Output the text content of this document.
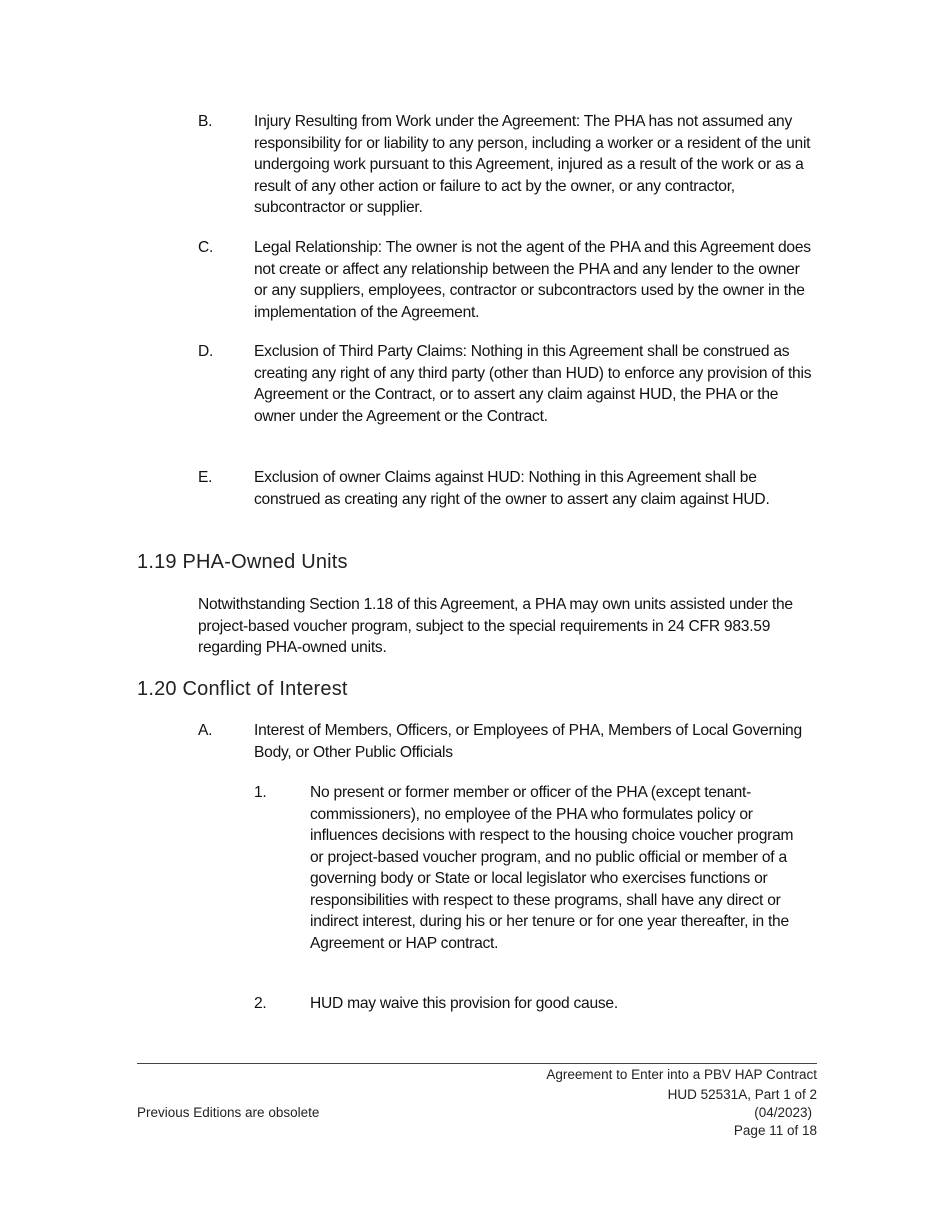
B.	Injury Resulting from Work under the Agreement: The PHA has not assumed any responsibility for or liability to any person, including a worker or a resident of the unit undergoing work pursuant to this Agreement, injured as a result of the work or as a result of any other action or failure to act by the owner, or any contractor, subcontractor or supplier.
C.	Legal Relationship: The owner is not the agent of the PHA and this Agreement does not create or affect any relationship between the PHA and any lender to the owner or any suppliers, employees, contractor or subcontractors used by the owner in the implementation of the Agreement.
D.	Exclusion of Third Party Claims: Nothing in this Agreement shall be construed as creating any right of any third party (other than HUD) to enforce any provision of this Agreement or the Contract, or to assert any claim against HUD, the PHA or the owner under the Agreement or the Contract.
E.	Exclusion of owner Claims against HUD: Nothing in this Agreement shall be construed as creating any right of the owner to assert any claim against HUD.
1.19 PHA-Owned Units
Notwithstanding Section 1.18 of this Agreement, a PHA may own units assisted under the project-based voucher program, subject to the special requirements in 24 CFR 983.59 regarding PHA-owned units.
1.20 Conflict of Interest
A.	Interest of Members, Officers, or Employees of PHA, Members of Local Governing Body, or Other Public Officials
1.	No present or former member or officer of the PHA (except tenant-commissioners), no employee of the PHA who formulates policy or influences decisions with respect to the housing choice voucher program or project-based voucher program, and no public official or member of a governing body or State or local legislator who exercises functions or responsibilities with respect to these programs, shall have any direct or indirect interest, during his or her tenure or for one year thereafter, in the Agreement or HAP contract.
2.	HUD may waive this provision for good cause.
Agreement to Enter into a PBV HAP Contract
HUD 52531A, Part 1 of 2
Previous Editions are obsolete	(04/2023)
Page 11 of 18
